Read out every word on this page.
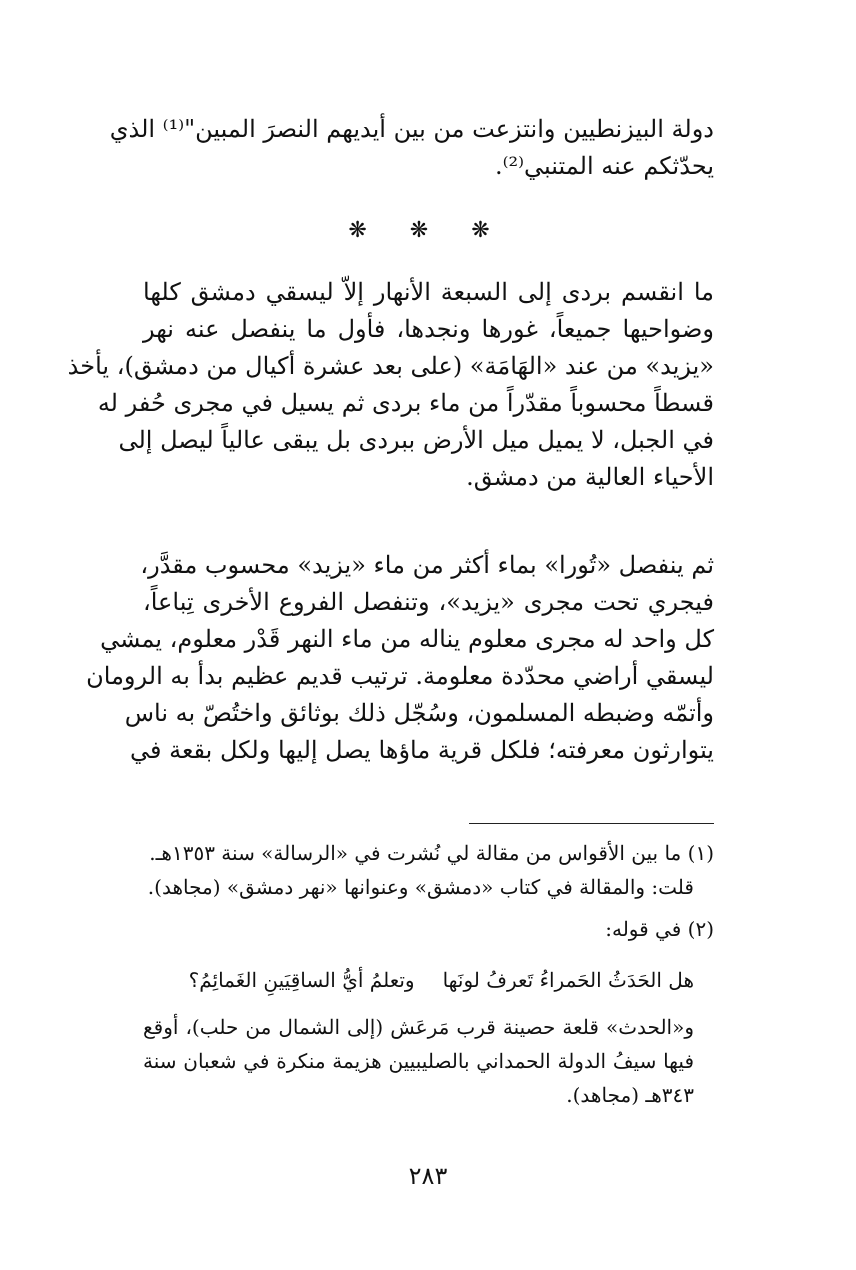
دولة البيزنطيين وانتزعت من بين أيديهم النصرَ المبين"⁽¹⁾ الذي
يحدّثكم عنه المتنبي⁽²⁾.
❋ ❋ ❋
ما انقسم بردى إلى السبعة الأنهار إلاّ ليسقي دمشق كلها
وضواحيها جميعاً، غورها ونجدها، فأول ما ينفصل عنه نهر
«يزيد» من عند «الهَامَة» (على بعد عشرة أكيال من دمشق)، يأخذ
قسطاً محسوباً مقدّراً من ماء بردى ثم يسيل في مجرى حُفر له
في الجبل، لا يميل ميل الأرض ببردى بل يبقى عالياً ليصل إلى
الأحياء العالية من دمشق.
ثم ينفصل «تُورا» بماء أكثر من ماء «يزيد» محسوب مقدَّر،
فيجري تحت مجرى «يزيد»، وتنفصل الفروع الأخرى تِباعاً،
كل واحد له مجرى معلوم يناله من ماء النهر قَدْر معلوم، يمشي
ليسقي أراضي محدّدة معلومة. ترتيب قديم عظيم بدأ به الرومان
وأتمّه وضبطه المسلمون، وسُجّل ذلك بوثائق واختُصّ به ناس
يتوارثون معرفته؛ فلكل قرية ماؤها يصل إليها ولكل بقعة في
(١) ما بين الأقواس من مقالة لي نُشرت في «الرسالة» سنة ١٣٥٣هـ.
قلت: والمقالة في كتاب «دمشق» وعنوانها «نهر دمشق» (مجاهد).
(٢) في قوله:
هل الحَدَثُ الحَمراءُ تَعرفُ لونَهاوتعلمُ أيُّ الساقِيَينِ الغَمائِمُ؟
و«الحدث» قلعة حصينة قرب مَرعَش (إلى الشمال من حلب)، أوقع
فيها سيفُ الدولة الحمداني بالصليبيين هزيمة منكرة في شعبان سنة
٣٤٣هـ (مجاهد).
٢٨٣
